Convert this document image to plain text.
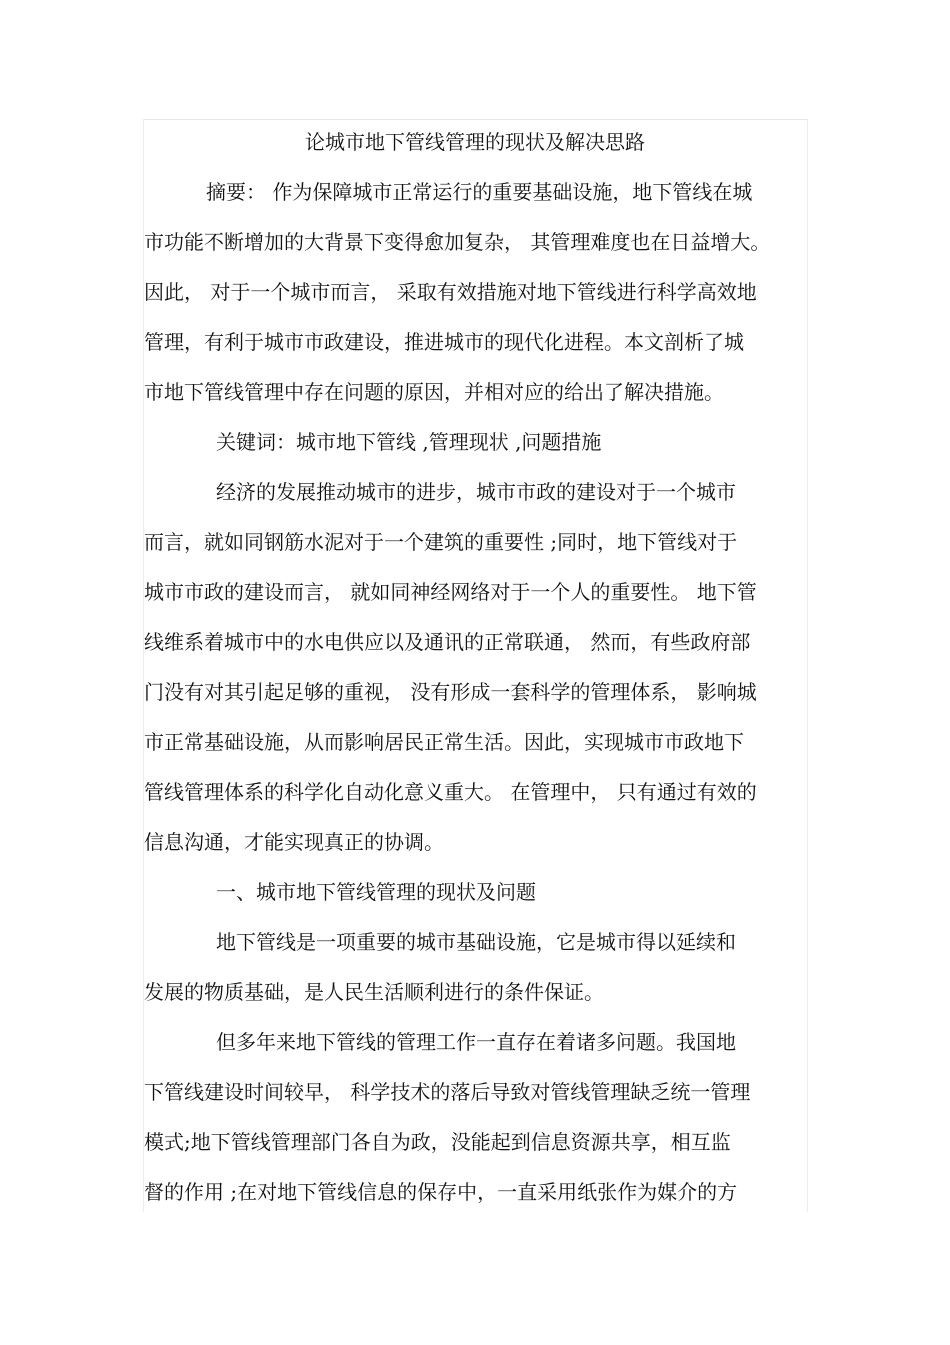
论城市地下管线管理的现状及解决思路
摘要： 作为保障城市正常运行的重要基础设施，地下管线在城
市功能不断增加的大背景下变得愈加复杂， 其管理难度也在日益增大。
因此， 对于一个城市而言， 采取有效措施对地下管线进行科学高效地
管理，有利于城市市政建设，推进城市的现代化进程。本文剖析了城
市地下管线管理中存在问题的原因，并相对应的给出了解决措施。
关键词：城市地下管线 ,管理现状 ,问题措施
经济的发展推动城市的进步，城市市政的建设对于一个城市
而言，就如同钢筋水泥对于一个建筑的重要性 ;同时，地下管线对于
城市市政的建设而言， 就如同神经网络对于一个人的重要性。 地下管
线维系着城市中的水电供应以及通讯的正常联通， 然而，有些政府部
门没有对其引起足够的重视， 没有形成一套科学的管理体系， 影响城
市正常基础设施，从而影响居民正常生活。因此，实现城市市政地下
管线管理体系的科学化自动化意义重大。 在管理中， 只有通过有效的
信息沟通，才能实现真正的协调。
一、城市地下管线管理的现状及问题
地下管线是一项重要的城市基础设施，它是城市得以延续和
发展的物质基础，是人民生活顺利进行的条件保证。
但多年来地下管线的管理工作一直存在着诸多问题。我国地
下管线建设时间较早， 科学技术的落后导致对管线管理缺乏统一管理
模式;地下管线管理部门各自为政，没能起到信息资源共享，相互监
督的作用 ;在对地下管线信息的保存中，一直采用纸张作为媒介的方
